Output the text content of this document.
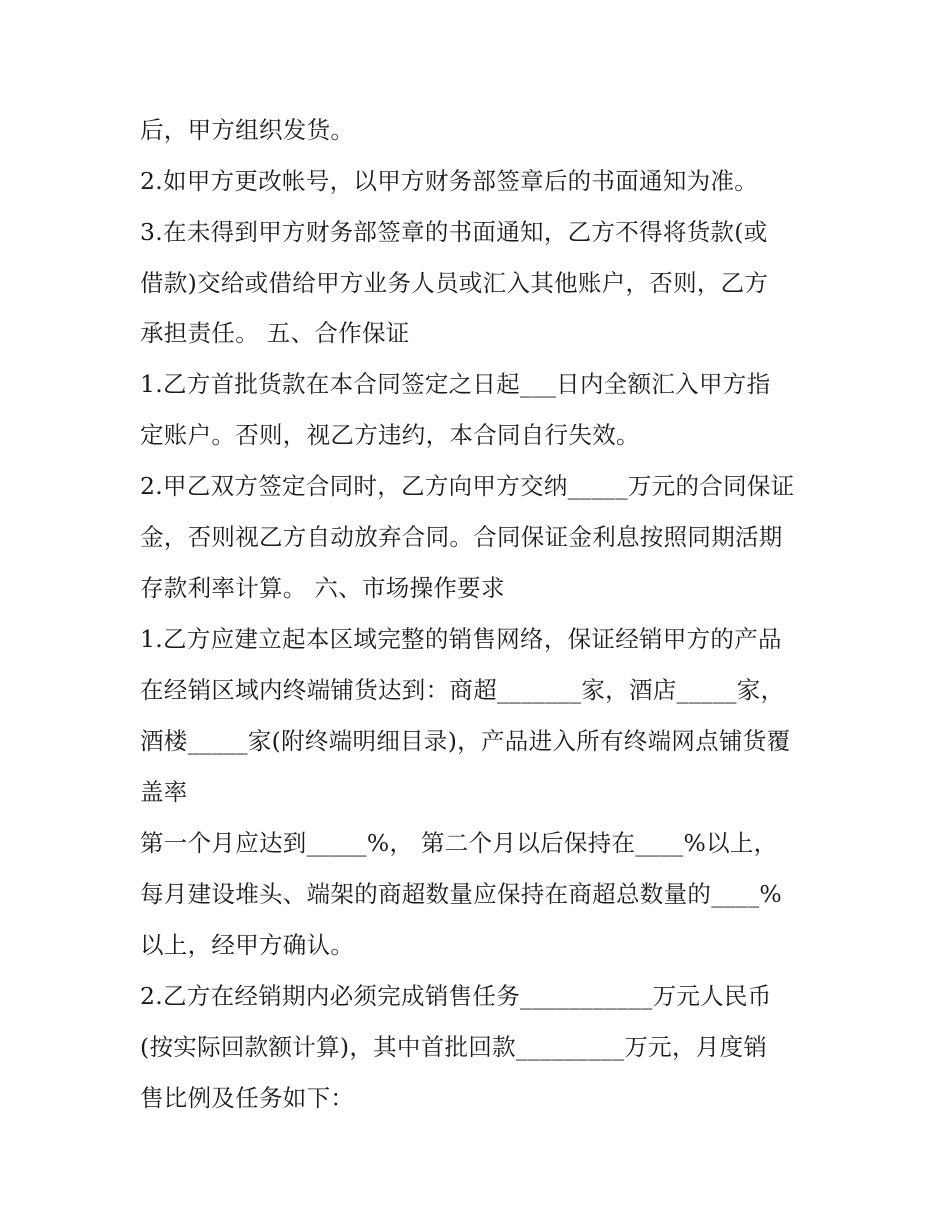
后，甲方组织发货。
2.如甲方更改帐号，以甲方财务部签章后的书面通知为准。
3.在未得到甲方财务部签章的书面通知，乙方不得将货款(或
借款)交给或借给甲方业务人员或汇入其他账户，否则，乙方
承担责任。 五、合作保证
1.乙方首批货款在本合同签定之日起___日内全额汇入甲方指
定账户。否则，视乙方违约，本合同自行失效。
2.甲乙双方签定合同时，乙方向甲方交纳_____万元的合同保证
金，否则视乙方自动放弃合同。合同保证金利息按照同期活期
存款利率计算。 六、市场操作要求
1.乙方应建立起本区域完整的销售网络，保证经销甲方的产品
在经销区域内终端铺货达到：商超_______家，酒店_____家，
酒楼_____家(附终端明细目录)，产品进入所有终端网点铺货覆
盖率
第一个月应达到_____%， 第二个月以后保持在____%以上，
每月建设堆头、端架的商超数量应保持在商超总数量的____%
以上，经甲方确认。
2.乙方在经销期内必须完成销售任务___________万元人民币
(按实际回款额计算)，其中首批回款_________万元，月度销
售比例及任务如下：
